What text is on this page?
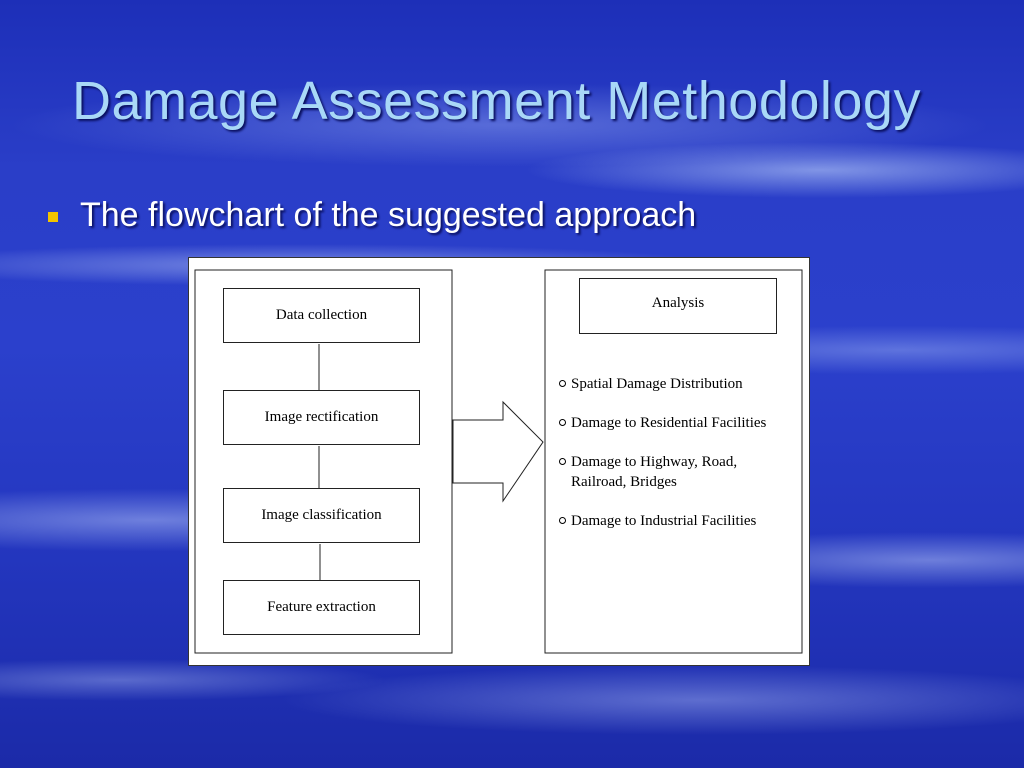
Damage Assessment Methodology
The flowchart of the suggested approach
Data collection
Image rectification
Image classification
Feature extraction
Analysis
Spatial Damage Distribution
Damage to Residential Facilities
Damage to Highway, Road, Railroad, Bridges
Damage to Industrial Facilities
